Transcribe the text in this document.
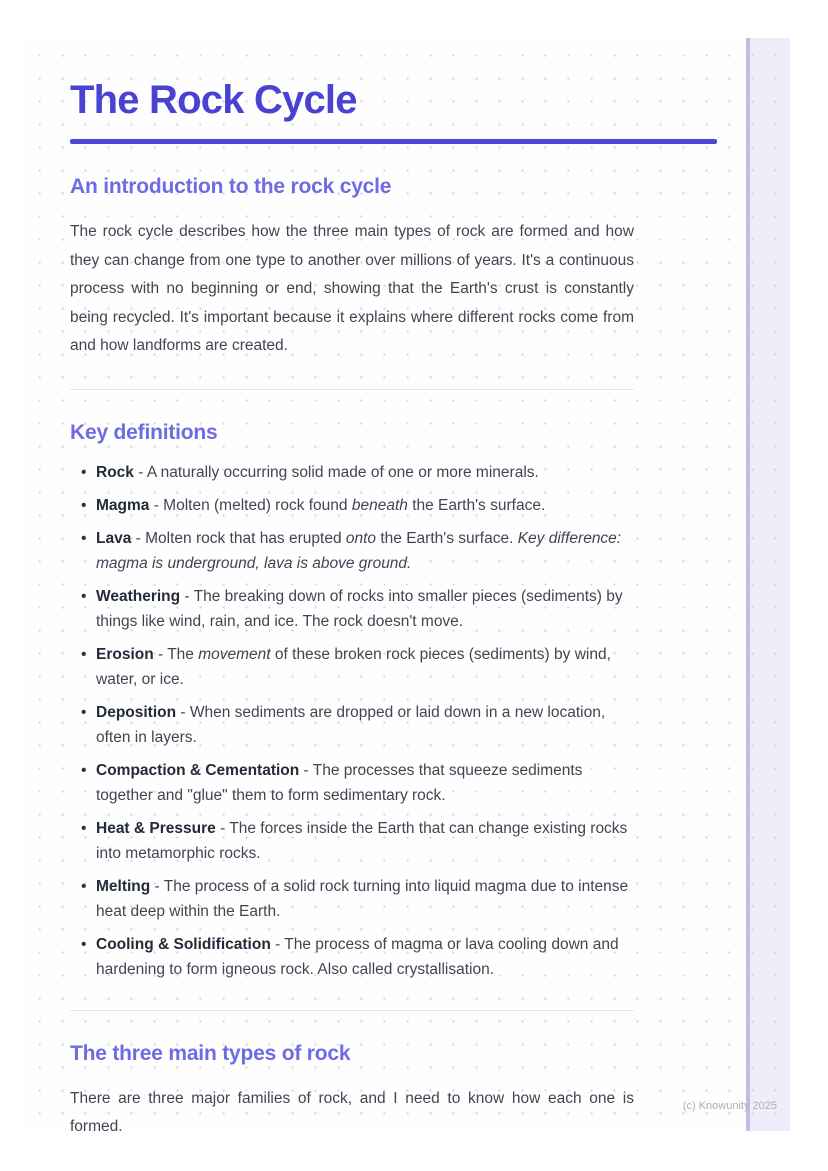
The Rock Cycle
An introduction to the rock cycle

The rock cycle describes how the three main types of rock are formed and how they can change from one type to another over millions of years. It's a continuous process with no beginning or end, showing that the Earth's crust is constantly being recycled. It's important because it explains where different rocks come from and how landforms are created.

Key definitions
• Rock - A naturally occurring solid made of one or more minerals.
• Magma - Molten (melted) rock found beneath the Earth's surface.
• Lava - Molten rock that has erupted onto the Earth's surface. Key difference: magma is underground, lava is above ground.
• Weathering - The breaking down of rocks into smaller pieces (sediments) by things like wind, rain, and ice. The rock doesn't move.
• Erosion - The movement of these broken rock pieces (sediments) by wind, water, or ice.
• Deposition - When sediments are dropped or laid down in a new location, often in layers.
• Compaction & Cementation - The processes that squeeze sediments together and "glue" them to form sedimentary rock.
• Heat & Pressure - The forces inside the Earth that can change existing rocks into metamorphic rocks.
• Melting - The process of a solid rock turning into liquid magma due to intense heat deep within the Earth.
• Cooling & Solidification - The process of magma or lava cooling down and hardening to form igneous rock. Also called crystallisation.
The three main types of rock

There are three major families of rock, and I need to know how each one is formed.

(c) Knowunity 2025
